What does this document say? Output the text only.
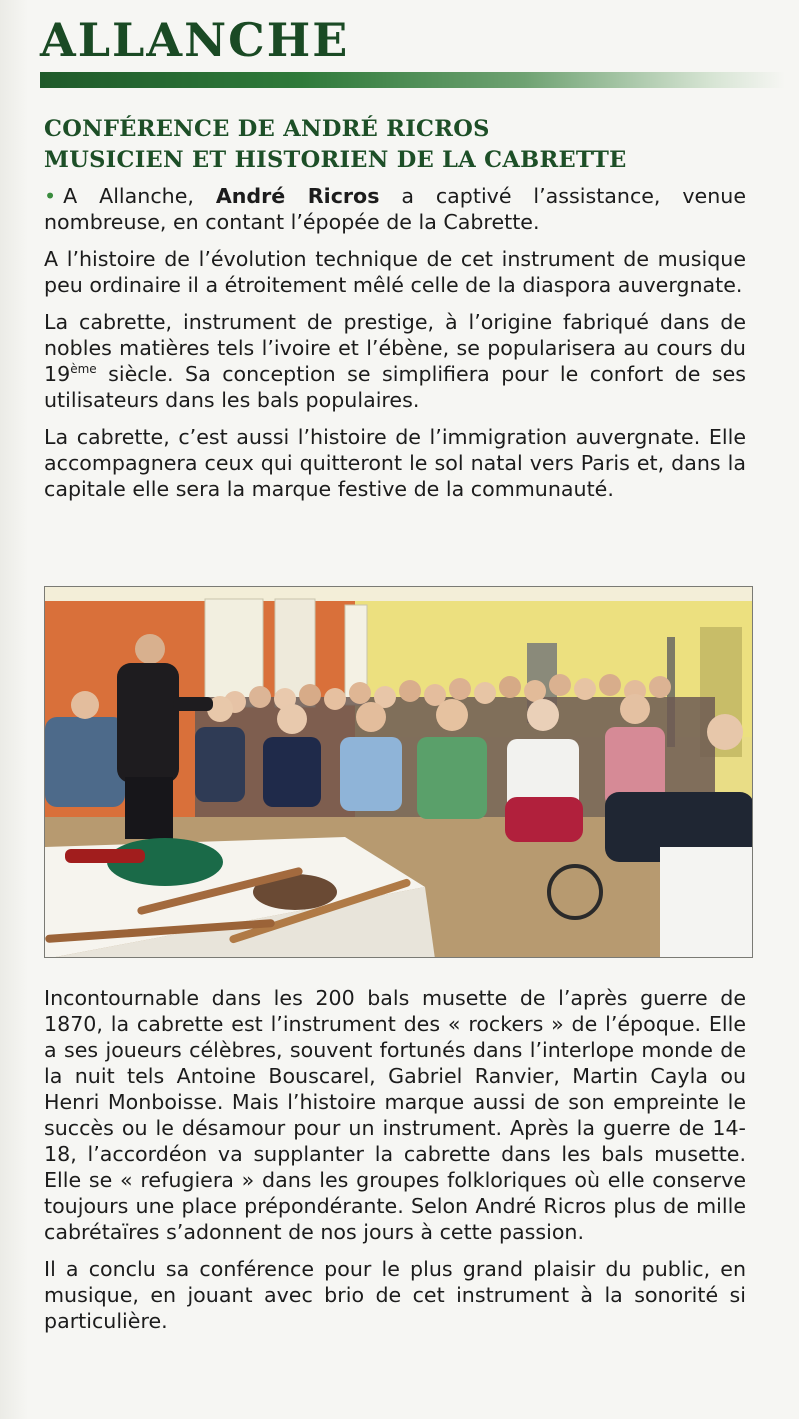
ALLANCHE
CONFÉRENCE DE ANDRÉ RICROS
MUSICIEN ET HISTORIEN DE LA CABRETTE

• A Allanche, André Ricros a captivé l’assistance, venue nombreuse, en contant l’épopée de la Cabrette.

A l’histoire de l’évolution technique de cet instrument de musique peu ordinaire il a étroitement mêlé celle de la diaspora auvergnate.

La cabrette, instrument de prestige, à l’origine fabriqué dans de nobles matières tels l’ivoire et l’ébène, se popularisera au cours du 19ème siècle. Sa conception se simplifiera pour le confort de ses utilisateurs dans les bals populaires.

La cabrette, c’est aussi l’histoire de l’immigration auvergnate. Elle accompagnera ceux qui quitteront le sol natal vers Paris et, dans la capitale elle sera la marque festive de la communauté.

Incontournable dans les 200 bals musette de l’après guerre de 1870, la cabrette est l’instrument des « rockers » de l’époque. Elle a ses joueurs célèbres, souvent fortunés dans l’interlope monde de la nuit tels Antoine Bouscarel, Gabriel Ranvier, Martin Cayla ou Henri Monboisse. Mais l’histoire marque aussi de son empreinte le succès ou le désamour pour un instrument. Après la guerre de 14-18, l’accordéon va supplanter la cabrette dans les bals musette. Elle se « refugiera » dans les groupes folkloriques où elle conserve toujours une place prépondérante. Selon André Ricros plus de mille cabrétaïres s’adonnent de nos jours à cette passion.

Il a conclu sa conférence pour le plus grand plaisir du public, en musique, en jouant avec brio de cet instrument à la sonorité si particulière.
